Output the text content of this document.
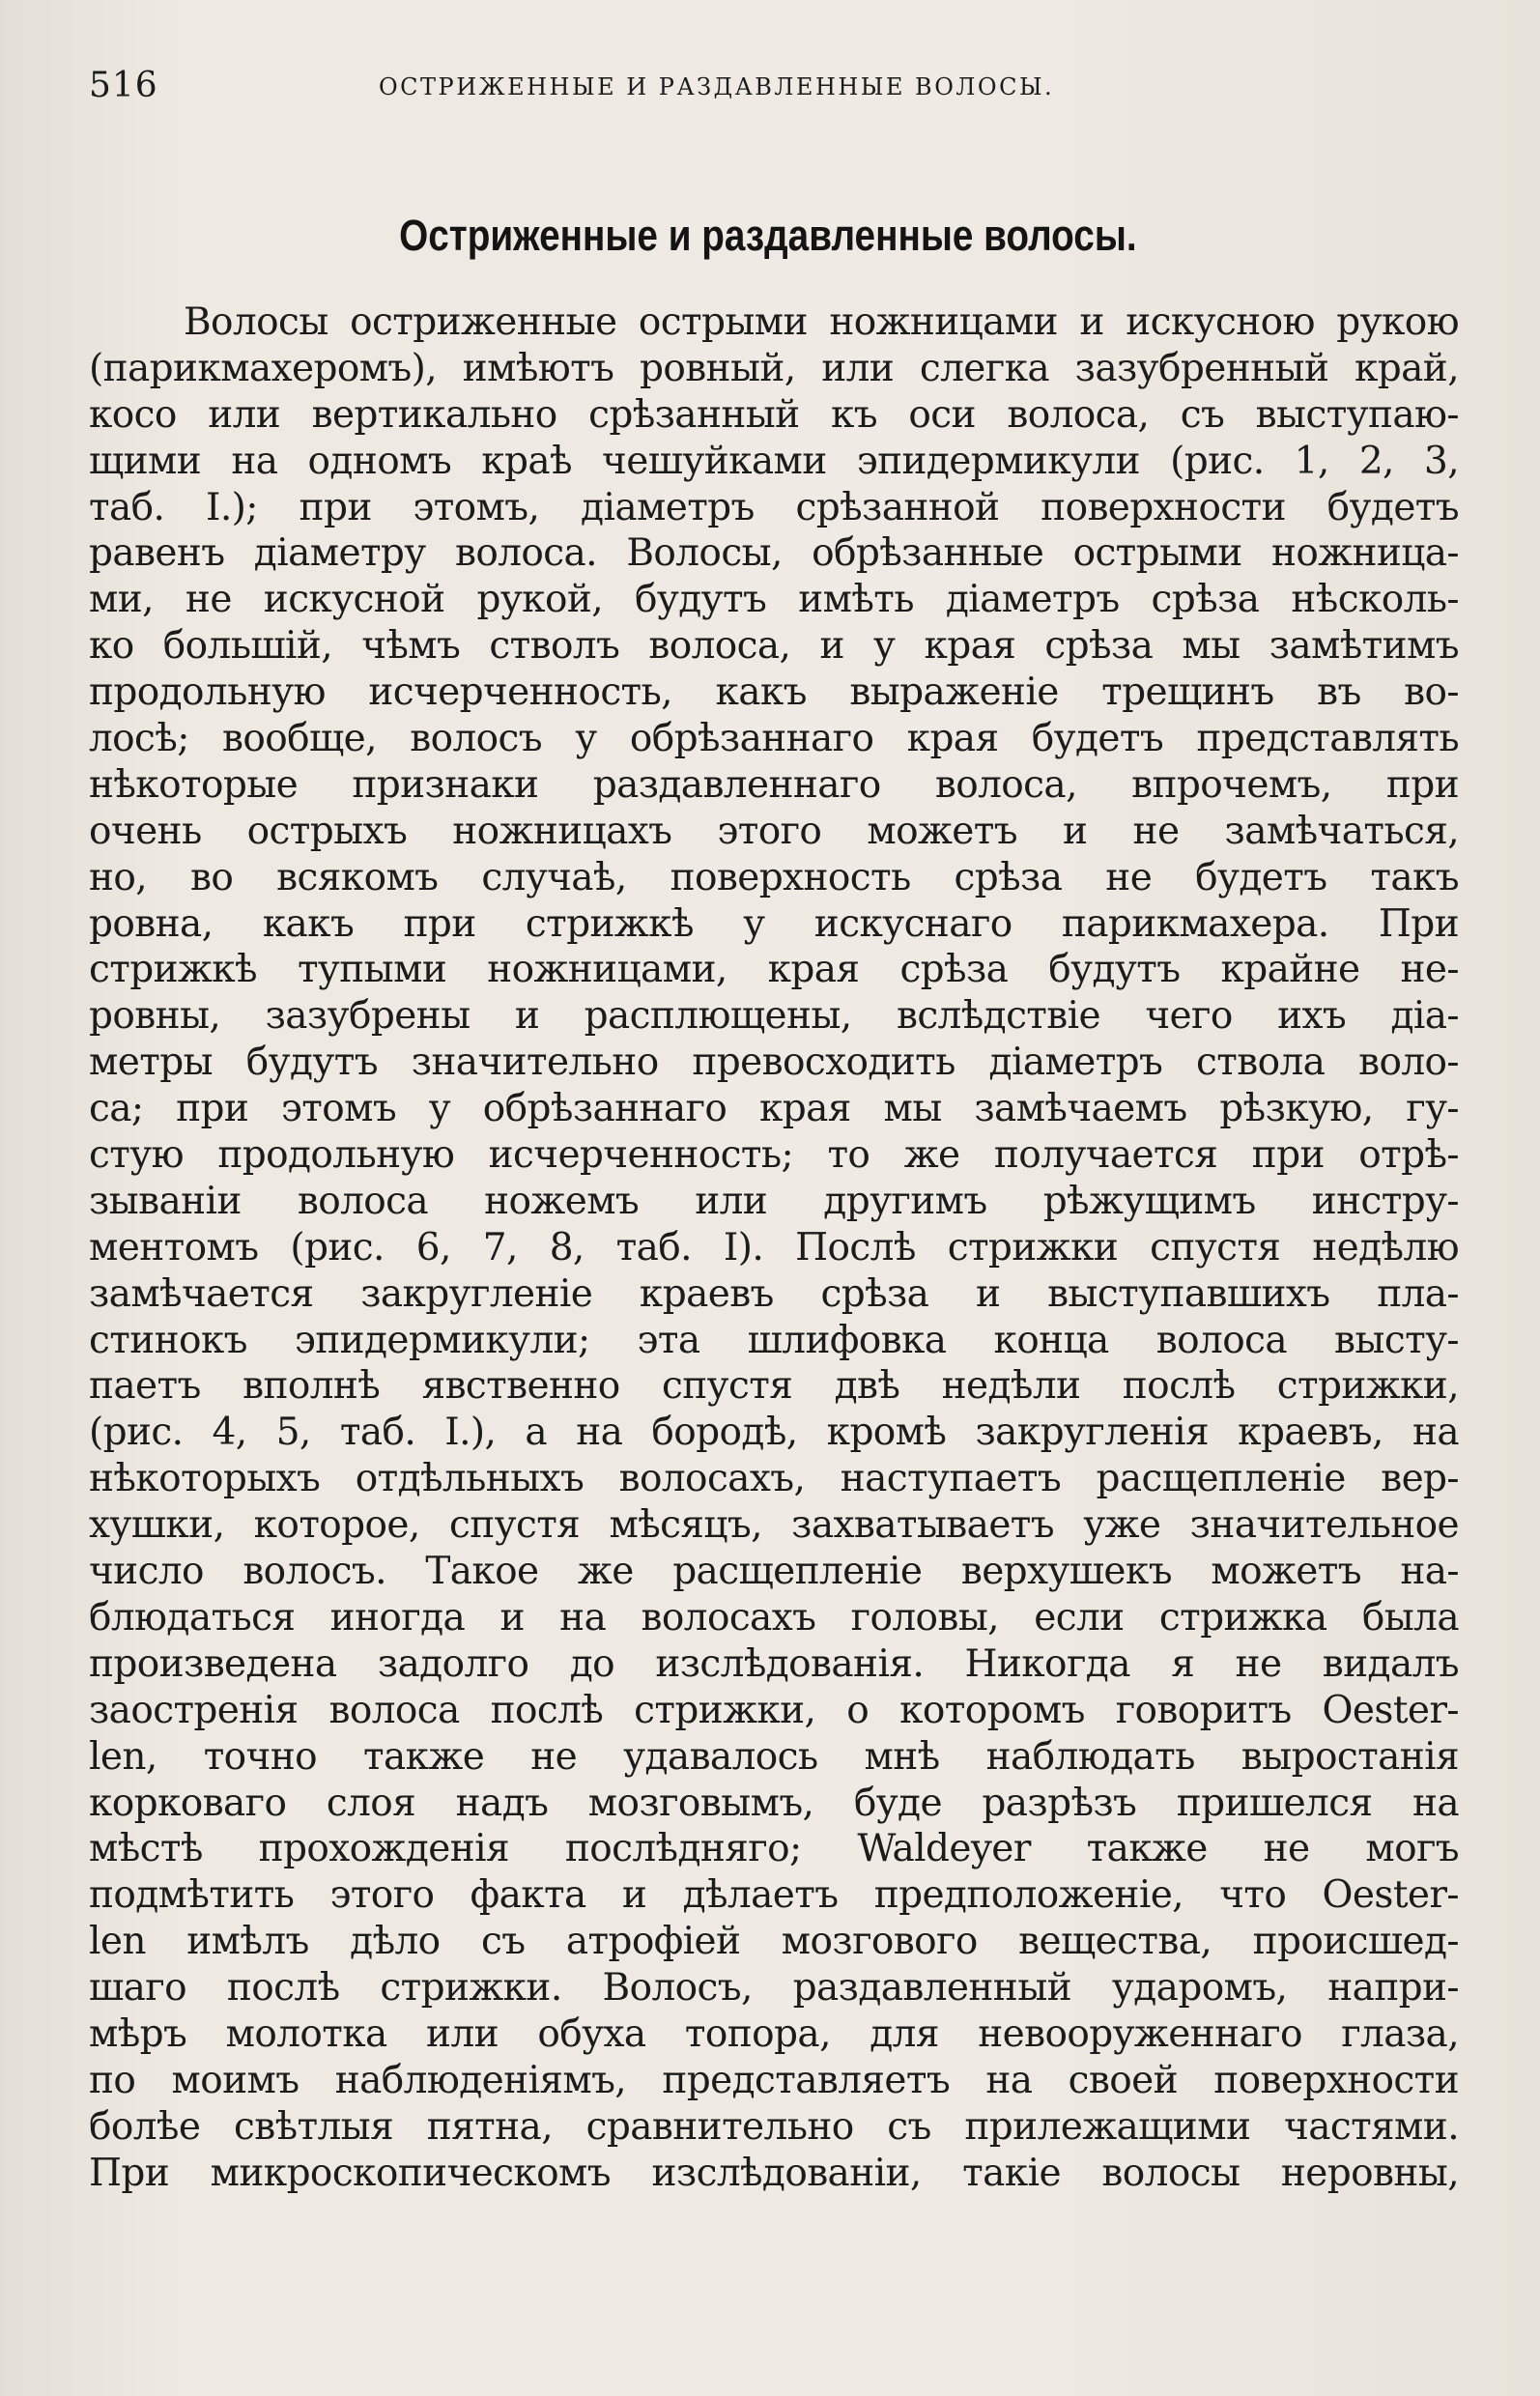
516	ОСТРИЖЕННЫЕ И РАЗДАВЛЕННЫЕ ВОЛОСЫ.
Остриженные и раздавленные волосы.
Волосы остриженные острыми ножницами и искусною рукою
(парикмахеромъ), имѣютъ ровный, или слегка зазубренный край,
косо или вертикально срѣзанный къ оси волоса, съ выступаю-
щими на одномъ краѣ чешуйками эпидермикули (рис. 1, 2, 3,
таб. I.); при этомъ, діаметръ срѣзанной поверхности будетъ
равенъ діаметру волоса. Волосы, обрѣзанные острыми ножница-
ми, не искусной рукой, будутъ имѣть діаметръ срѣза нѣсколь-
ко большій, чѣмъ стволъ волоса, и у края срѣза мы замѣтимъ
продольную исчерченность, какъ выраженіе трещинъ въ во-
лосѣ; вообще, волосъ у обрѣзаннаго края будетъ представлять
нѣкоторые признаки раздавленнаго волоса, впрочемъ, при
очень острыхъ ножницахъ этого можетъ и не замѣчаться,
но, во всякомъ случаѣ, поверхность срѣза не будетъ такъ
ровна, какъ при стрижкѣ у искуснаго парикмахера. При
стрижкѣ тупыми ножницами, края срѣза будутъ крайне не-
ровны, зазубрены и расплющены, вслѣдствіе чего ихъ діа-
метры будутъ значительно превосходить діаметръ ствола воло-
са; при этомъ у обрѣзаннаго края мы замѣчаемъ рѣзкую, гу-
стую продольную исчерченность; то же получается при отрѣ-
зываніи волоса ножемъ или другимъ рѣжущимъ инстру-
ментомъ (рис. 6, 7, 8, таб. I). Послѣ стрижки спустя недѣлю
замѣчается закругленіе краевъ срѣза и выступавшихъ пла-
стинокъ эпидермикули; эта шлифовка конца волоса высту-
паетъ вполнѣ явственно спустя двѣ недѣли послѣ стрижки,
(рис. 4, 5, таб. I.), а на бородѣ, кромѣ закругленія краевъ, на
нѣкоторыхъ отдѣльныхъ волосахъ, наступаетъ расщепленіе вер-
хушки, которое, спустя мѣсяцъ, захватываетъ уже значительное
число волосъ. Такое же расщепленіе верхушекъ можетъ на-
блюдаться иногда и на волосахъ головы, если стрижка была
произведена задолго до изслѣдованія. Никогда я не видалъ
заостренія волоса послѣ стрижки, о которомъ говоритъ Oester-
len, точно также не удавалось мнѣ наблюдать выростанія
корковаго слоя надъ мозговымъ, буде разрѣзъ пришелся на
мѣстѣ прохожденія послѣдняго; Waldeyer также не могъ
подмѣтить этого факта и дѣлаетъ предположеніе, что Oester-
len имѣлъ дѣло съ атрофіей мозгового вещества, происшед-
шаго послѣ стрижки. Волосъ, раздавленный ударомъ, напри-
мѣръ молотка или обуха топора, для невооруженнаго глаза,
по моимъ наблюденіямъ, представляетъ на своей поверхности
болѣе свѣтлыя пятна, сравнительно съ прилежащими частями.
При микроскопическомъ изслѣдованіи, такіе волосы неровны,
